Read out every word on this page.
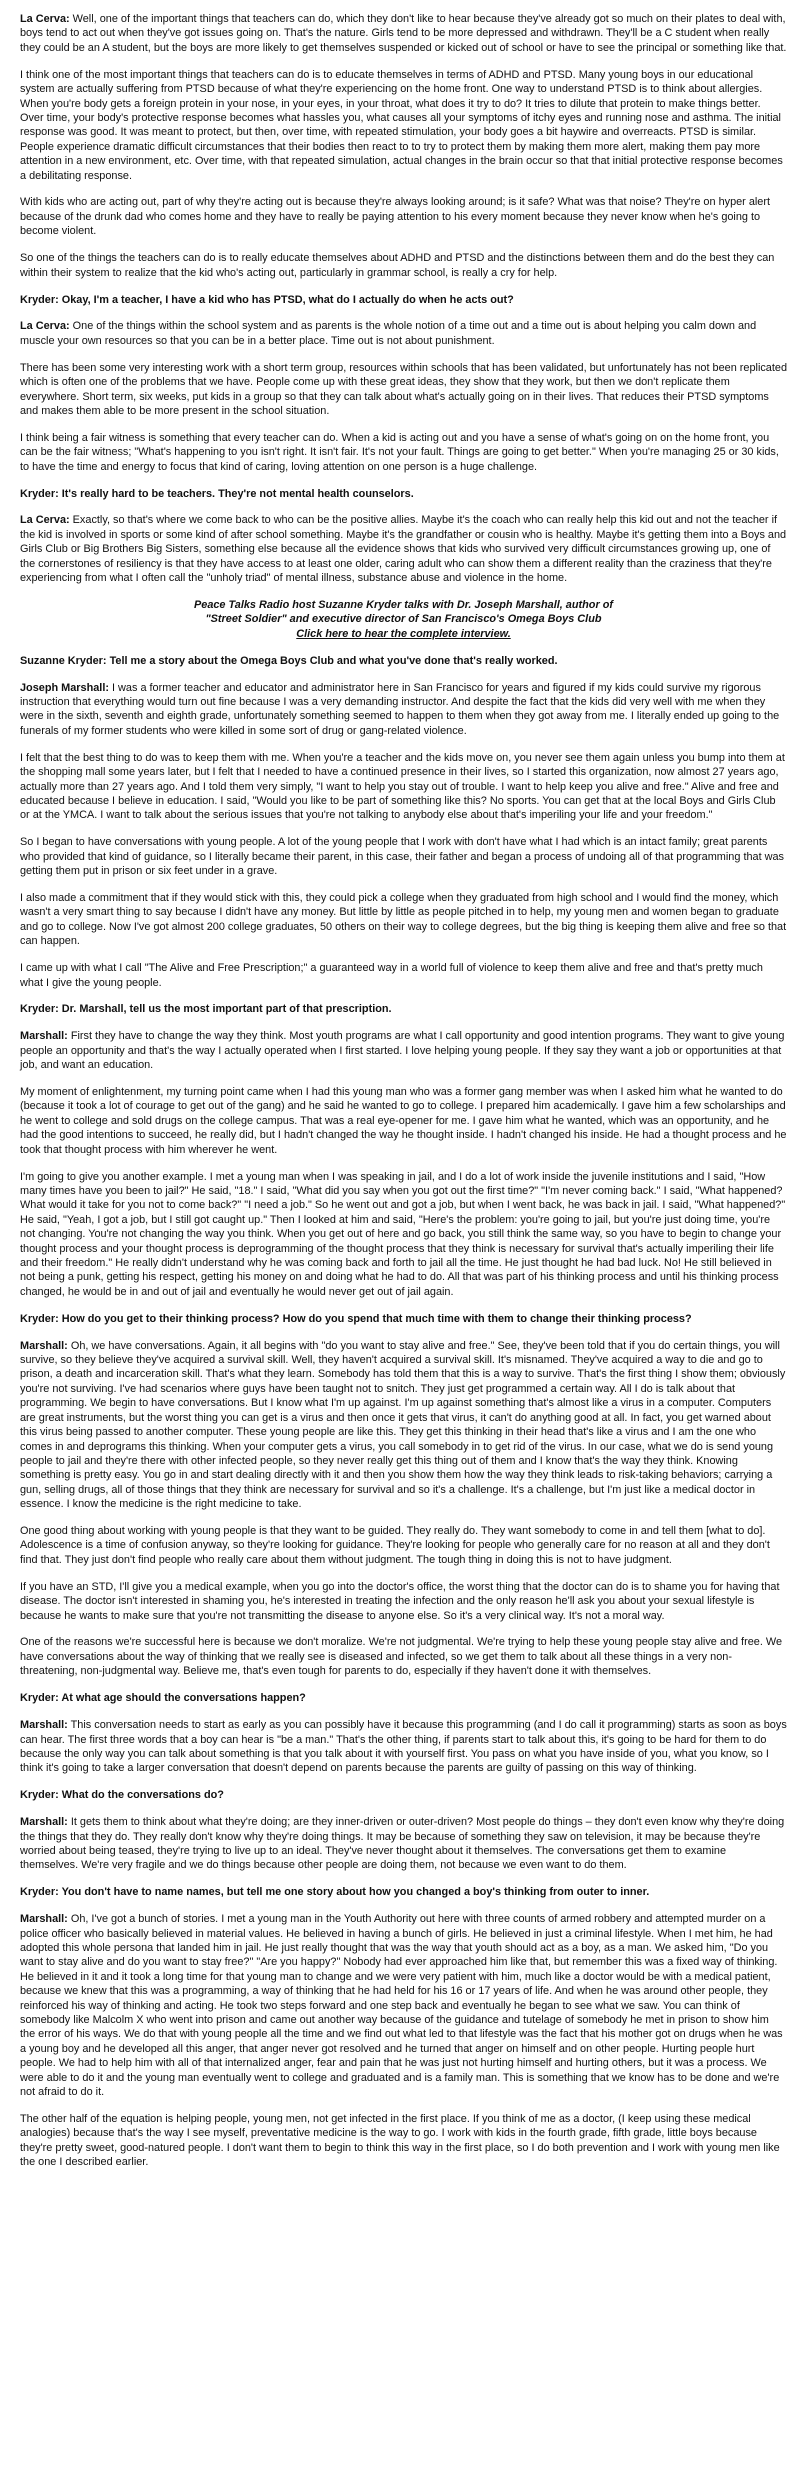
La Cerva: Well, one of the important things that teachers can do, which they don't like to hear because they've already got so much on their plates to deal with, boys tend to act out when they've got issues going on. That's the nature. Girls tend to be more depressed and withdrawn. They'll be a C student when really they could be an A student, but the boys are more likely to get themselves suspended or kicked out of school or have to see the principal or something like that.

I think one of the most important things that teachers can do is to educate themselves in terms of ADHD and PTSD. Many young boys in our educational system are actually suffering from PTSD because of what they're experiencing on the home front. One way to understand PTSD is to think about allergies. When you're body gets a foreign protein in your nose, in your eyes, in your throat, what does it try to do? It tries to dilute that protein to make things better. Over time, your body's protective response becomes what hassles you, what causes all your symptoms of itchy eyes and running nose and asthma. The initial response was good. It was meant to protect, but then, over time, with repeated stimulation, your body goes a bit haywire and overreacts. PTSD is similar. People experience dramatic difficult circumstances that their bodies then react to to try to protect them by making them more alert, making them pay more attention in a new environment, etc. Over time, with that repeated simulation, actual changes in the brain occur so that that initial protective response becomes a debilitating response.

With kids who are acting out, part of why they're acting out is because they're always looking around; is it safe? What was that noise? They're on hyper alert because of the drunk dad who comes home and they have to really be paying attention to his every moment because they never know when he's going to become violent.

So one of the things the teachers can do is to really educate themselves about ADHD and PTSD and the distinctions between them and do the best they can within their system to realize that the kid who's acting out, particularly in grammar school, is really a cry for help.

Kryder: Okay, I'm a teacher, I have a kid who has PTSD, what do I actually do when he acts out?

La Cerva: One of the things within the school system and as parents is the whole notion of a time out and a time out is about helping you calm down and muscle your own resources so that you can be in a better place. Time out is not about punishment.

There has been some very interesting work with a short term group, resources within schools that has been validated, but unfortunately has not been replicated which is often one of the problems that we have. People come up with these great ideas, they show that they work, but then we don't replicate them everywhere. Short term, six weeks, put kids in a group so that they can talk about what's actually going on in their lives. That reduces their PTSD symptoms and makes them able to be more present in the school situation.

I think being a fair witness is something that every teacher can do. When a kid is acting out and you have a sense of what's going on on the home front, you can be the fair witness; "What's happening to you isn't right. It isn't fair. It's not your fault. Things are going to get better." When you're managing 25 or 30 kids, to have the time and energy to focus that kind of caring, loving attention on one person is a huge challenge.

Kryder: It's really hard to be teachers. They're not mental health counselors.

La Cerva: Exactly, so that's where we come back to who can be the positive allies. Maybe it's the coach who can really help this kid out and not the teacher if the kid is involved in sports or some kind of after school something. Maybe it's the grandfather or cousin who is healthy. Maybe it's getting them into a Boys and Girls Club or Big Brothers Big Sisters, something else because all the evidence shows that kids who survived very difficult circumstances growing up, one of the cornerstones of resiliency is that they have access to at least one older, caring adult who can show them a different reality than the craziness that they're experiencing from what I often call the "unholy triad" of mental illness, substance abuse and violence in the home.

Peace Talks Radio host Suzanne Kryder talks with Dr. Joseph Marshall, author of
"Street Soldier" and executive director of San Francisco's Omega Boys Club
Click here to hear the complete interview.

Suzanne Kryder: Tell me a story about the Omega Boys Club and what you've done that's really worked.

Joseph Marshall: I was a former teacher and educator and administrator here in San Francisco for years and figured if my kids could survive my rigorous instruction that everything would turn out fine because I was a very demanding instructor. And despite the fact that the kids did very well with me when they were in the sixth, seventh and eighth grade, unfortunately something seemed to happen to them when they got away from me. I literally ended up going to the funerals of my former students who were killed in some sort of drug or gang-related violence.

I felt that the best thing to do was to keep them with me. When you're a teacher and the kids move on, you never see them again unless you bump into them at the shopping mall some years later, but I felt that I needed to have a continued presence in their lives, so I started this organization, now almost 27 years ago, actually more than 27 years ago. And I told them very simply, "I want to help you stay out of trouble. I want to help keep you alive and free." Alive and free and educated because I believe in education. I said, "Would you like to be part of something like this? No sports. You can get that at the local Boys and Girls Club or at the YMCA. I want to talk about the serious issues that you're not talking to anybody else about that's imperiling your life and your freedom."

So I began to have conversations with young people. A lot of the young people that I work with don't have what I had which is an intact family; great parents who provided that kind of guidance, so I literally became their parent, in this case, their father and began a process of undoing all of that programming that was getting them put in prison or six feet under in a grave.

I also made a commitment that if they would stick with this, they could pick a college when they graduated from high school and I would find the money, which wasn't a very smart thing to say because I didn't have any money. But little by little as people pitched in to help, my young men and women began to graduate and go to college. Now I've got almost 200 college graduates, 50 others on their way to college degrees, but the big thing is keeping them alive and free so that can happen.

I came up with what I call "The Alive and Free Prescription;" a guaranteed way in a world full of violence to keep them alive and free and that's pretty much what I give the young people.

Kryder: Dr. Marshall, tell us the most important part of that prescription.

Marshall: First they have to change the way they think. Most youth programs are what I call opportunity and good intention programs. They want to give young people an opportunity and that's the way I actually operated when I first started. I love helping young people. If they say they want a job or opportunities at that job, and want an education.

My moment of enlightenment, my turning point came when I had this young man who was a former gang member was when I asked him what he wanted to do (because it took a lot of courage to get out of the gang) and he said he wanted to go to college. I prepared him academically. I gave him a few scholarships and he went to college and sold drugs on the college campus. That was a real eye-opener for me. I gave him what he wanted, which was an opportunity, and he had the good intentions to succeed, he really did, but I hadn't changed the way he thought inside. I hadn't changed his inside. He had a thought process and he took that thought process with him wherever he went.

I'm going to give you another example. I met a young man when I was speaking in jail, and I do a lot of work inside the juvenile institutions and I said, "How many times have you been to jail?" He said, "18." I said, "What did you say when you got out the first time?" "I'm never coming back." I said, "What happened? What would it take for you not to come back?" "I need a job." So he went out and got a job, but when I went back, he was back in jail. I said, "What happened?" He said, "Yeah, I got a job, but I still got caught up." Then I looked at him and said, "Here's the problem: you're going to jail, but you're just doing time, you're not changing. You're not changing the way you think. When you get out of here and go back, you still think the same way, so you have to begin to change your thought process and your thought process is deprogramming of the thought process that they think is necessary for survival that's actually imperiling their life and their freedom." He really didn't understand why he was coming back and forth to jail all the time. He just thought he had bad luck. No! He still believed in not being a punk, getting his respect, getting his money on and doing what he had to do. All that was part of his thinking process and until his thinking process changed, he would be in and out of jail and eventually he would never get out of jail again.

Kryder: How do you get to their thinking process? How do you spend that much time with them to change their thinking process?

Marshall: Oh, we have conversations. Again, it all begins with "do you want to stay alive and free." See, they've been told that if you do certain things, you will survive, so they believe they've acquired a survival skill. Well, they haven't acquired a survival skill. It's misnamed. They've acquired a way to die and go to prison, a death and incarceration skill. That's what they learn. Somebody has told them that this is a way to survive. That's the first thing I show them; obviously you're not surviving. I've had scenarios where guys have been taught not to snitch. They just get programmed a certain way. All I do is talk about that programming. We begin to have conversations. But I know what I'm up against. I'm up against something that's almost like a virus in a computer. Computers are great instruments, but the worst thing you can get is a virus and then once it gets that virus, it can't do anything good at all. In fact, you get warned about this virus being passed to another computer. These young people are like this. They get this thinking in their head that's like a virus and I am the one who comes in and deprograms this thinking. When your computer gets a virus, you call somebody in to get rid of the virus. In our case, what we do is send young people to jail and they're there with other infected people, so they never really get this thing out of them and I know that's the way they think. Knowing something is pretty easy. You go in and start dealing directly with it and then you show them how the way they think leads to risk-taking behaviors; carrying a gun, selling drugs, all of those things that they think are necessary for survival and so it's a challenge. It's a challenge, but I'm just like a medical doctor in essence. I know the medicine is the right medicine to take.

One good thing about working with young people is that they want to be guided. They really do. They want somebody to come in and tell them [what to do]. Adolescence is a time of confusion anyway, so they're looking for guidance. They're looking for people who generally care for no reason at all and they don't find that. They just don't find people who really care about them without judgment. The tough thing in doing this is not to have judgment.

If you have an STD, I'll give you a medical example, when you go into the doctor's office, the worst thing that the doctor can do is to shame you for having that disease. The doctor isn't interested in shaming you, he's interested in treating the infection and the only reason he'll ask you about your sexual lifestyle is because he wants to make sure that you're not transmitting the disease to anyone else. So it's a very clinical way. It's not a moral way.

One of the reasons we're successful here is because we don't moralize. We're not judgmental. We're trying to help these young people stay alive and free. We have conversations about the way of thinking that we really see is diseased and infected, so we get them to talk about all these things in a very non-threatening, non-judgmental way. Believe me, that's even tough for parents to do, especially if they haven't done it with themselves.

Kryder: At what age should the conversations happen?

Marshall: This conversation needs to start as early as you can possibly have it because this programming (and I do call it programming) starts as soon as boys can hear. The first three words that a boy can hear is "be a man." That's the other thing, if parents start to talk about this, it's going to be hard for them to do because the only way you can talk about something is that you talk about it with yourself first. You pass on what you have inside of you, what you know, so I think it's going to take a larger conversation that doesn't depend on parents because the parents are guilty of passing on this way of thinking.

Kryder: What do the conversations do?

Marshall: It gets them to think about what they're doing; are they inner-driven or outer-driven? Most people do things – they don't even know why they're doing the things that they do. They really don't know why they're doing things. It may be because of something they saw on television, it may be because they're worried about being teased, they're trying to live up to an ideal. They've never thought about it themselves. The conversations get them to examine themselves. We're very fragile and we do things because other people are doing them, not because we even want to do them.

Kryder: You don't have to name names, but tell me one story about how you changed a boy's thinking from outer to inner.

Marshall: Oh, I've got a bunch of stories. I met a young man in the Youth Authority out here with three counts of armed robbery and attempted murder on a police officer who basically believed in material values. He believed in having a bunch of girls. He believed in just a criminal lifestyle. When I met him, he had adopted this whole persona that landed him in jail. He just really thought that was the way that youth should act as a boy, as a man. We asked him, "Do you want to stay alive and do you want to stay free?" "Are you happy?" Nobody had ever approached him like that, but remember this was a fixed way of thinking. He believed in it and it took a long time for that young man to change and we were very patient with him, much like a doctor would be with a medical patient, because we knew that this was a programming, a way of thinking that he had held for his 16 or 17 years of life. And when he was around other people, they reinforced his way of thinking and acting. He took two steps forward and one step back and eventually he began to see what we saw. You can think of somebody like Malcolm X who went into prison and came out another way because of the guidance and tutelage of somebody he met in prison to show him the error of his ways. We do that with young people all the time and we find out what led to that lifestyle was the fact that his mother got on drugs when he was a young boy and he developed all this anger, that anger never got resolved and he turned that anger on himself and on other people. Hurting people hurt people. We had to help him with all of that internalized anger, fear and pain that he was just not hurting himself and hurting others, but it was a process. We were able to do it and the young man eventually went to college and graduated and is a family man. This is something that we know has to be done and we're not afraid to do it.

The other half of the equation is helping people, young men, not get infected in the first place. If you think of me as a doctor, (I keep using these medical analogies) because that's the way I see myself, preventative medicine is the way to go. I work with kids in the fourth grade, fifth grade, little boys because they're pretty sweet, good-natured people. I don't want them to begin to think this way in the first place, so I do both prevention and I work with young men like the one I described earlier.
